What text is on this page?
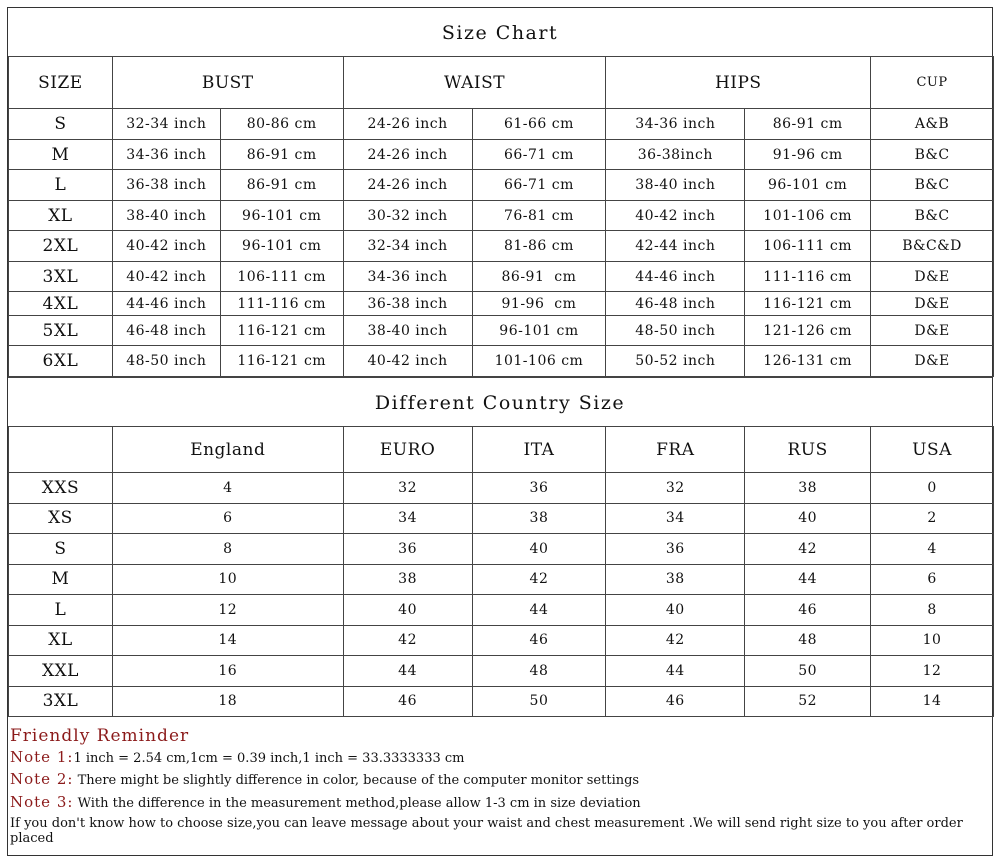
Size Chart
SIZE	BUST		WAIST		HIPS		CUP
S	32-34 inch	80-86 cm	24-26 inch	61-66 cm	34-36 inch	86-91 cm	A&B
M	34-36 inch	86-91 cm	24-26 inch	66-71 cm	36-38inch	91-96 cm	B&C
L	36-38 inch	86-91 cm	24-26 inch	66-71 cm	38-40 inch	96-101 cm	B&C
XL	38-40 inch	96-101 cm	30-32 inch	76-81 cm	40-42 inch	101-106 cm	B&C
2XL	40-42 inch	96-101 cm	32-34 inch	81-86 cm	42-44 inch	106-111 cm	B&C&D
3XL	40-42 inch	106-111 cm	34-36 inch	86-91  cm	44-46 inch	111-116 cm	D&E
4XL	44-46 inch	111-116 cm	36-38 inch	91-96  cm	46-48 inch	116-121 cm	D&E
5XL	46-48 inch	116-121 cm	38-40 inch	96-101 cm	48-50 inch	121-126 cm	D&E
6XL	48-50 inch	116-121 cm	40-42 inch	101-106 cm	50-52 inch	126-131 cm	D&E
Different Country Size
	England	EURO	ITA	FRA	RUS	USA
XXS	4	32	36	32	38	0
XS	6	34	38	34	40	2
S	8	36	40	36	42	4
M	10	38	42	38	44	6
L	12	40	44	40	46	8
XL	14	42	46	42	48	10
XXL	16	44	48	44	50	12
3XL	18	46	50	46	52	14
Friendly Reminder
Note 1:1 inch = 2.54 cm,1cm = 0.39 inch,1 inch = 33.3333333 cm
Note 2: There might be slightly difference in color, because of the computer monitor settings
Note 3: With the difference in the measurement method,please allow 1-3 cm in size deviation
If you don't know how to choose size,you can leave message about your waist and chest measurement .We will send right size to you after order placed
